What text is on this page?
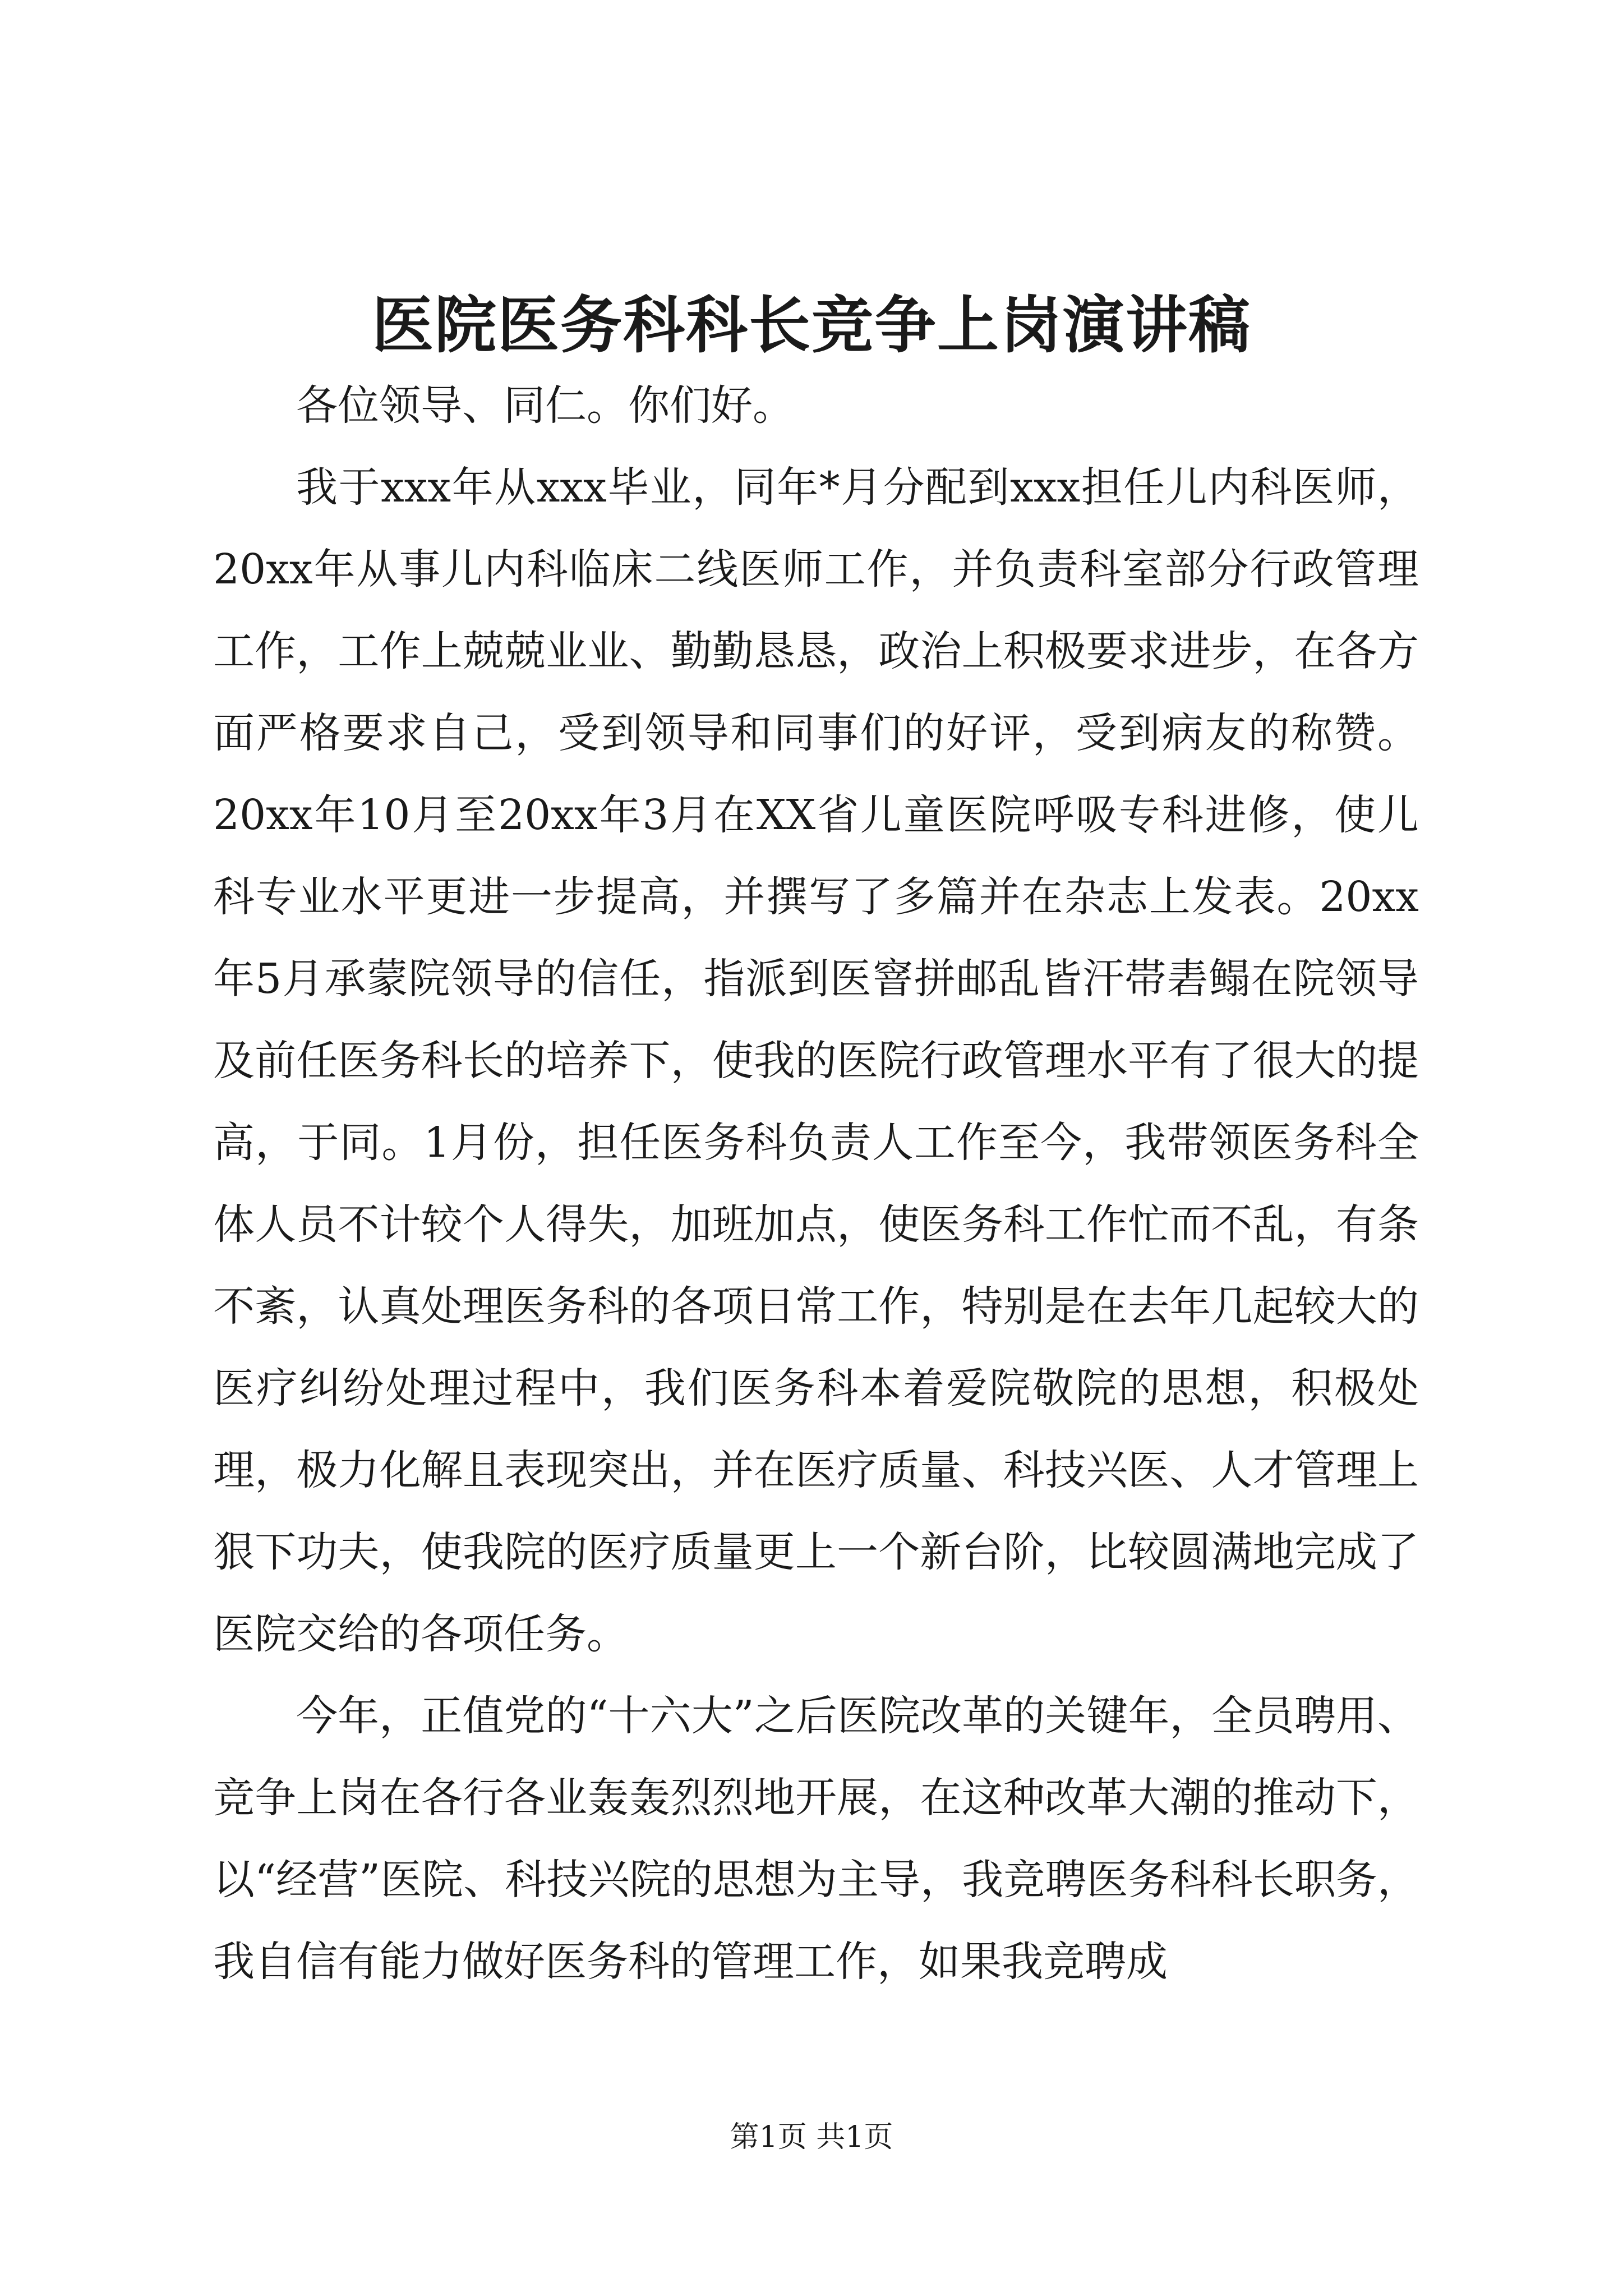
医院医务科科长竞争上岗演讲稿

各位领导、同仁。你们好。

我于xxx年从xxx毕业，同年*月分配到xxx担任儿内科医师，20xx年从事儿内科临床二线医师工作，并负责科室部分行政管理工作，工作上兢兢业业、勤勤恳恳，政治上积极要求进步，在各方面严格要求自己，受到领导和同事们的好评，受到病友的称赞。20xx年10月至20xx年3月在XX省儿童医院呼吸专科进修，使儿科专业水平更进一步提高，并撰写了多篇并在杂志上发表。20xx年5月承蒙院领导的信任，指派到医窨拼邮乱皆汗帯砉鳎在院领导及前任医务科长的培养下，使我的医院行政管理水平有了很大的提高，于同。1月份，担任医务科负责人工作至今，我带领医务科全体人员不计较个人得失，加班加点，使医务科工作忙而不乱，有条不紊，认真处理医务科的各项日常工作，特别是在去年几起较大的医疗纠纷处理过程中，我们医务科本着爱院敬院的思想，积极处理，极力化解且表现突出，并在医疗质量、科技兴医、人才管理上狠下功夫，使我院的医疗质量更上一个新台阶，比较圆满地完成了医院交给的各项任务。

今年，正值党的“十六大”之后医院改革的关键年，全员聘用、竞争上岗在各行各业轰轰烈烈地开展，在这种改革大潮的推动下，以“经营”医院、科技兴院的思想为主导，我竞聘医务科科长职务，我自信有能力做好医务科的管理工作，如果我竞聘成

第1页 共1页
